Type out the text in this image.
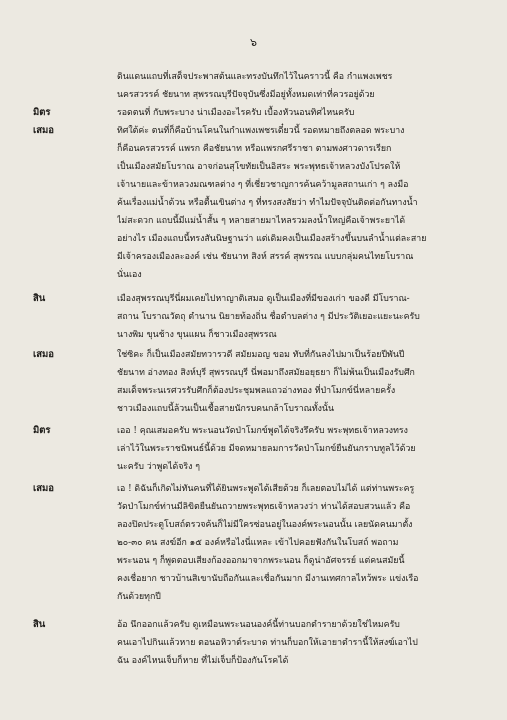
๖
ดินแดนแถบที่เสด็จประพาสต้นและทรงบันทึกไว้ในคราวนี้ คือ กำแพงเพชร
นครสวรรค์ ชัยนาท สุพรรณบุรีปัจจุบันซึ่งมีอยู่ทั้งหมดเท่าที่ควรอยู่ด้วย
มิตร	รอดตนที่ กับพระบาง น่าเมืองอะไรครับ เบื้องหัวนอนทิศไหนครับ
เสมอ	ทิศใต้ค่ะ ตนที่ก็คือบ้านโคนในกำแพงเพชรเดี๋ยวนี้ รอดหมายถึงตลอด พระบาง
ก็คือนครสวรรค์ แพรก คือชัยนาท หรือแพรกศรีราชา ตามพงศาวดารเรียก
เป็นเมืองสมัยโบราณ อาจก่อนสุโขทัยเป็นอิสระ พระพุทธเจ้าหลวงบังโปรดให้
เจ้านายและข้าหลวงมณฑลต่าง ๆ ที่เชี่ยวชาญการค้นคว้ามูลสถานเก่า ๆ ลงมือ
ค้นเรื่องแม่น้ำด้วน หรือตื้นเขินต่าง ๆ ที่ทรงสงสัยว่า ทำไมปัจจุบันติดต่อกันทางน้ำ
ไม่สะดวก แถบนี้มีแม่น้ำสั้น ๆ หลายสายมาไหลรวมลงน้ำใหญ่คือเจ้าพระยาได้
อย่างไร เมืองแถบนี้ทรงสันนิษฐานว่า แต่เดิมคงเป็นเมืองสร้างขึ้นบนลำน้ำแต่ละสาย
มีเจ้าครองเมืองละองค์ เช่น ชัยนาท สิงห์ สรรค์ สุพรรณ แบบกลุ่มคนไทยโบราณ
นั่นเอง
สิน	เมืองสุพรรณบุรีนี่ผมเคยไปหาญาติเสมอ ดูเป็นเมืองที่มีของเก่า ของดี มีโบราณ-
สถาน โบราณวัตถุ ตำนาน นิยายท้องถิ่น ชื่อตำบลต่าง ๆ มีประวัติเยอะแยะนะครับ
นางพิม ขุนช้าง ขุนแผน ก็ชาวเมืองสุพรรณ
เสมอ	ใช่ซิคะ ก็เป็นเมืองสมัยทวารวดี สมัยมอญ ขอม ทับที่กันลงไปมาเป็นร้อยปีพันปี
ชัยนาท อ่างทอง สิงห์บุรี สุพรรณบุรี นี่พอมาถึงสมัยอยุธยา ก็ไม่พ้นเป็นเมืองรับศึก
สมเด็จพระนเรศวรรับศึกก็ต้องประชุมพลแถวอ่างทอง ที่ป่าโมกข์นี่หลายครั้ง
ชาวเมืองแถบนี้ล้วนเป็นเชื้อสายนักรบคนกล้าโบราณทั้งนั้น
มิตร	เออ ! คุณเสมอครับ พระนอนวัดป่าโมกข์พูดได้จริงรึครับ พระพุทธเจ้าหลวงทรง
เล่าไว้ในพระราชนิพนธ์นี้ด้วย มีจดหมายลมการวัดป่าโมกข์ยืนยันกราบทูลไว้ด้วย
นะครับ ว่าพูดได้จริง ๆ
เสมอ	เอ ! ดิฉันก็เกิดไม่ทันคนที่ได้ยินพระพูดได้เสียด้วย ก็เลยตอบไม่ได้ แต่ท่านพระครู
วัดป่าโมกข์ท่านมีลิขิตยืนยันถวายพระพุทธเจ้าหลวงว่า ท่านได้สอบสวนแล้ว คือ
ลองปิดประตูโบสถ์ตรวจค้นก็ไม่มีใครซ่อนอยู่ในองค์พระนอนนั้น เลยนัดคนมาตั้ง
๒๐-๓๐ คน สงฆ์อีก ๑๕ องค์หรือไงนี่แหละ เข้าไปคอยฟังกันในโบสถ์ พอถาม
พระนอน ๆ ก็พูดตอบเสียงก้องออกมาจากพระนอน ก็ดูน่าอัศจรรย์ แต่คนสมัยนี้
คงเชื่อยาก ชาวบ้านสิเขานับถือกันและเชื่อกันมาก มีงานเทศกาลไหว้พระ แข่งเรือ
กันด้วยทุกปี
สิน	อ้อ นึกออกแล้วครับ ดูเหมือนพระนอนองค์นี้ท่านบอกตำรายาด้วยใช่ไหมครับ
คนเอาไปกินแล้วหาย ตอนอหิวาต์ระบาด ท่านก็บอกให้เอายาตำรานี้ให้สงฆ์เอาไป
ฉัน องค์ไหนเจ็บก็หาย ที่ไม่เจ็บก็ป้องกันโรคได้
